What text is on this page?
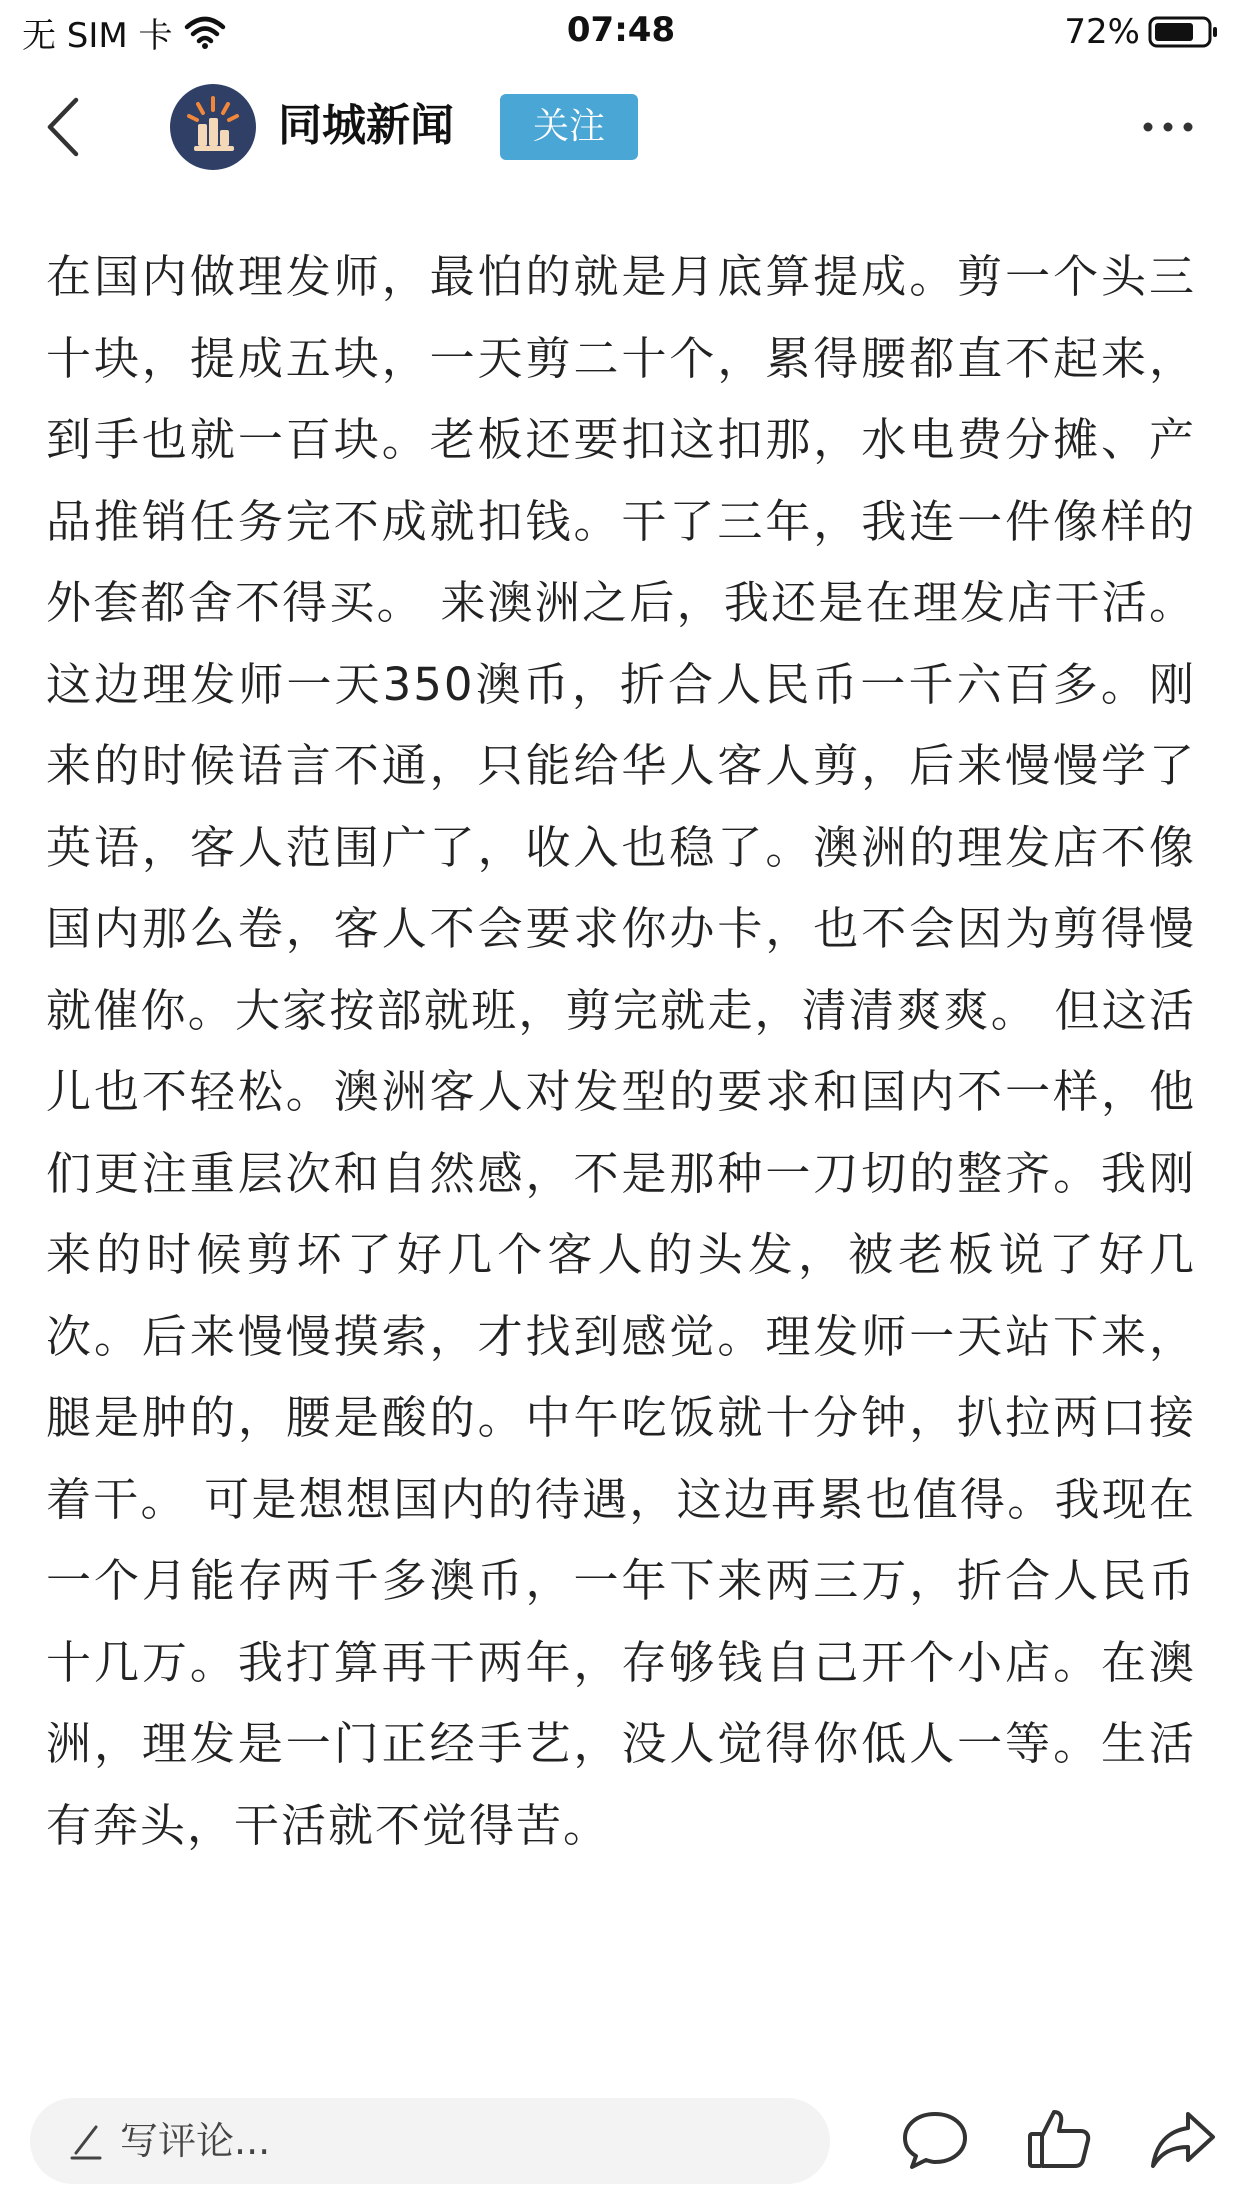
无 SIM 卡	07:48	72%
同城新闻	关注
在国内做理发师，最怕的就是月底算提成。剪一个头三十块，提成五块，一天剪二十个，累得腰都直不起来，到手也就一百块。老板还要扣这扣那，水电费分摊、产品推销任务完不成就扣钱。干了三年，我连一件像样的外套都舍不得买。 来澳洲之后，我还是在理发店干活。这边理发师一天350澳币，折合人民币一千六百多。刚来的时候语言不通，只能给华人客人剪，后来慢慢学了英语，客人范围广了，收入也稳了。澳洲的理发店不像国内那么卷，客人不会要求你办卡，也不会因为剪得慢就催你。大家按部就班，剪完就走，清清爽爽。 但这活儿也不轻松。澳洲客人对发型的要求和国内不一样，他们更注重层次和自然感，不是那种一刀切的整齐。我刚来的时候剪坏了好几个客人的头发，被老板说了好几次。后来慢慢摸索，才找到感觉。理发师一天站下来，腿是肿的，腰是酸的。中午吃饭就十分钟，扒拉两口接着干。 可是想想国内的待遇，这边再累也值得。我现在一个月能存两千多澳币，一年下来两三万，折合人民币十几万。我打算再干两年，存够钱自己开个小店。在澳洲，理发是一门正经手艺，没人觉得你低人一等。生活有奔头，干活就不觉得苦。
写评论...
